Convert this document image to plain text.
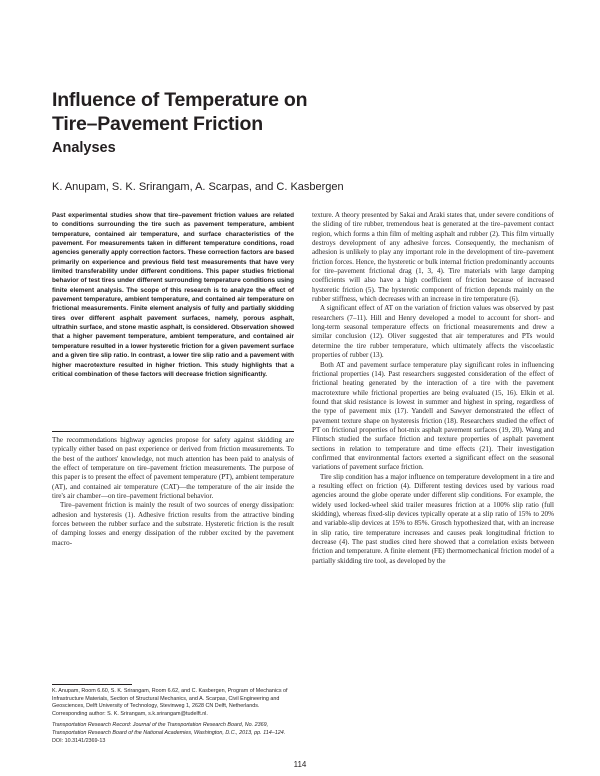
Influence of Temperature on
Tire–Pavement Friction
Analyses

K. Anupam, S. K. Srirangam, A. Scarpas, and C. Kasbergen

Past experimental studies show that tire–pavement friction values are related to conditions surrounding the tire such as pavement temperature, ambient temperature, contained air temperature, and surface characteristics of the pavement. For measurements taken in different temperature conditions, road agencies generally apply correction factors. These correction factors are based primarily on experience and previous field test measurements that have very limited transferability under different conditions. This paper studies frictional behavior of test tires under different surrounding temperature conditions using finite element analysis. The scope of this research is to analyze the effect of pavement temperature, ambient temperature, and contained air temperature on frictional measurements. Finite element analysis of fully and partially skidding tires over different asphalt pavement surfaces, namely, porous asphalt, ultrathin surface, and stone mastic asphalt, is considered. Observation showed that a higher pavement temperature, ambient temperature, and contained air temperature resulted in a lower hysteretic friction for a given pavement surface and a given tire slip ratio. In contrast, a lower tire slip ratio and a pavement with higher macrotexture resulted in higher friction. This study highlights that a critical combination of these factors will decrease friction significantly.

The recommendations highway agencies propose for safety against skidding are typically either based on past experience or derived from friction measurements. To the best of the authors' knowledge, not much attention has been paid to analysis of the effect of temperature on tire–pavement friction measurements. The purpose of this paper is to present the effect of pavement temperature (PT), ambient temperature (AT), and contained air temperature (CAT)—the temperature of the air inside the tire's air chamber—on tire–pavement frictional behavior.

Tire–pavement friction is mainly the result of two sources of energy dissipation: adhesion and hysteresis (1). Adhesive friction results from the attractive binding forces between the rubber surface and the substrate. Hysteretic friction is the result of damping losses and energy dissipation of the rubber excited by the pavement macro-

K. Anupam, Room 6.60, S. K. Srirangam, Room 6.62, and C. Kasbergen, Program of Mechanics of Infrastructure Materials, Section of Structural Mechanics, and A. Scarpas, Civil Engineering and Geosciences, Delft University of Technology, Stevinweg 1, 2628 CN Delft, Netherlands. Corresponding author: S. K. Srirangam, s.k.srirangam@tudelft.nl.

Transportation Research Record: Journal of the Transportation Research Board, No. 2369, Transportation Research Board of the National Academies, Washington, D.C., 2013, pp. 114–124.

DOI: 10.3141/2369-13

texture. A theory presented by Sakai and Araki states that, under severe conditions of the sliding of tire rubber, tremendous heat is generated at the tire–pavement contact region, which forms a thin film of melting asphalt and rubber (2). This film virtually destroys development of any adhesive forces. Consequently, the mechanism of adhesion is unlikely to play any important role in the development of tire–pavement friction forces. Hence, the hysteretic or bulk internal friction predominantly accounts for tire–pavement frictional drag (1, 3, 4). Tire materials with large damping coefficients will also have a high coefficient of friction because of increased hysteretic friction (5). The hysteretic component of friction depends mainly on the rubber stiffness, which decreases with an increase in tire temperature (6).

A significant effect of AT on the variation of friction values was observed by past researchers (7–11). Hill and Henry developed a model to account for short- and long-term seasonal temperature effects on frictional measurements and drew a similar conclusion (12). Oliver suggested that air temperatures and PTs would determine the tire rubber temperature, which ultimately affects the viscoelastic properties of rubber (13).

Both AT and pavement surface temperature play significant roles in influencing frictional properties (14). Past researchers suggested consideration of the effect of frictional heating generated by the interaction of a tire with the pavement macrotexture while frictional properties are being evaluated (15, 16). Elkin et al. found that skid resistance is lowest in summer and highest in spring, regardless of the type of pavement mix (17). Yandell and Sawyer demonstrated the effect of pavement texture shape on hysteresis friction (18). Researchers studied the effect of PT on frictional properties of hot-mix asphalt pavement surfaces (19, 20). Wang and Flintsch studied the surface friction and texture properties of asphalt pavement sections in relation to temperature and time effects (21). Their investigation confirmed that environmental factors exerted a significant effect on the seasonal variations of pavement surface friction.

Tire slip condition has a major influence on temperature development in a tire and a resulting effect on friction (4). Different testing devices used by various road agencies around the globe operate under different slip conditions. For example, the widely used locked-wheel skid trailer measures friction at a 100% slip ratio (full skidding), whereas fixed-slip devices typically operate at a slip ratio of 15% to 20% and variable-slip devices at 15% to 85%. Grosch hypothesized that, with an increase in slip ratio, tire temperature increases and causes peak longitudinal friction to decrease (4). The past studies cited here showed that a correlation exists between friction and temperature. A finite element (FE) thermomechanical friction model of a partially skidding tire tool, as developed by the

114
